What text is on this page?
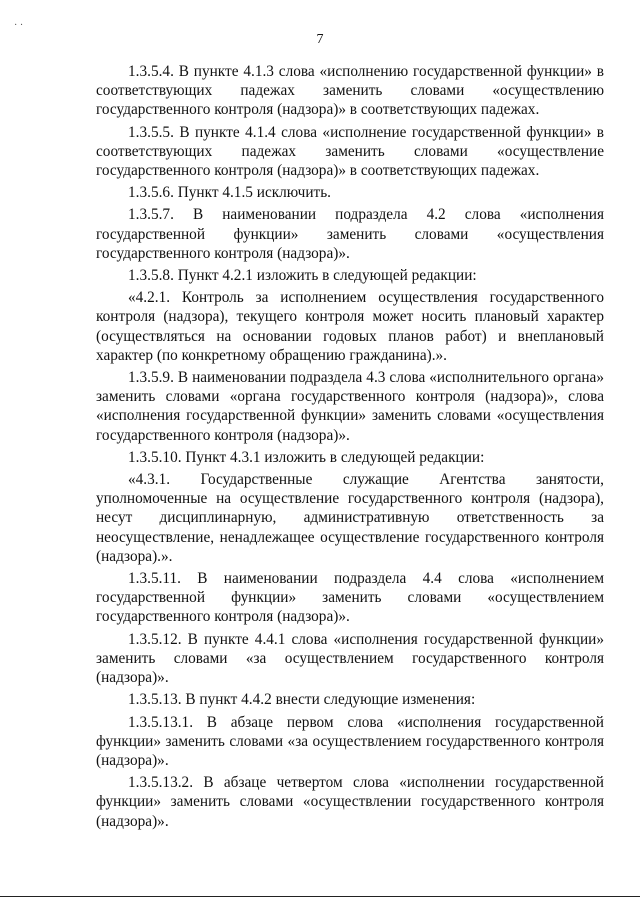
· ·
7

1.3.5.4. В пункте 4.1.3 слова «исполнению государственной функции» в соответствующих падежах заменить словами «осуществлению государственного контроля (надзора)» в соответствующих падежах.

1.3.5.5. В пункте 4.1.4 слова «исполнение государственной функции» в соответствующих падежах заменить словами «осуществление государственного контроля (надзора)» в соответствующих падежах.

1.3.5.6. Пункт 4.1.5 исключить.

1.3.5.7. В наименовании подраздела 4.2 слова «исполнения государственной функции» заменить словами «осуществления государственного контроля (надзора)».

1.3.5.8. Пункт 4.2.1 изложить в следующей редакции:

«4.2.1. Контроль за исполнением осуществления государственного контроля (надзора), текущего контроля может носить плановый характер (осуществляться на основании годовых планов работ) и внеплановый характер (по конкретному обращению гражданина).».

1.3.5.9. В наименовании подраздела 4.3 слова «исполнительного органа» заменить словами «органа государственного контроля (надзора)», слова «исполнения государственной функции» заменить словами «осуществления государственного контроля (надзора)».

1.3.5.10. Пункт 4.3.1 изложить в следующей редакции:

«4.3.1. Государственные служащие Агентства занятости, уполномоченные на осуществление государственного контроля (надзора), несут дисциплинарную, административную ответственность за неосуществление, ненадлежащее осуществление государственного контроля (надзора).».

1.3.5.11. В наименовании подраздела 4.4 слова «исполнением государственной функции» заменить словами «осуществлением государственного контроля (надзора)».

1.3.5.12. В пункте 4.4.1 слова «исполнения государственной функции» заменить словами «за осуществлением государственного контроля (надзора)».

1.3.5.13. В пункт 4.4.2 внести следующие изменения:

1.3.5.13.1. В абзаце первом слова «исполнения государственной функции» заменить словами «за осуществлением государственного контроля (надзора)».

1.3.5.13.2. В абзаце четвертом слова «исполнении государственной функции» заменить словами «осуществлении государственного контроля (надзора)».
